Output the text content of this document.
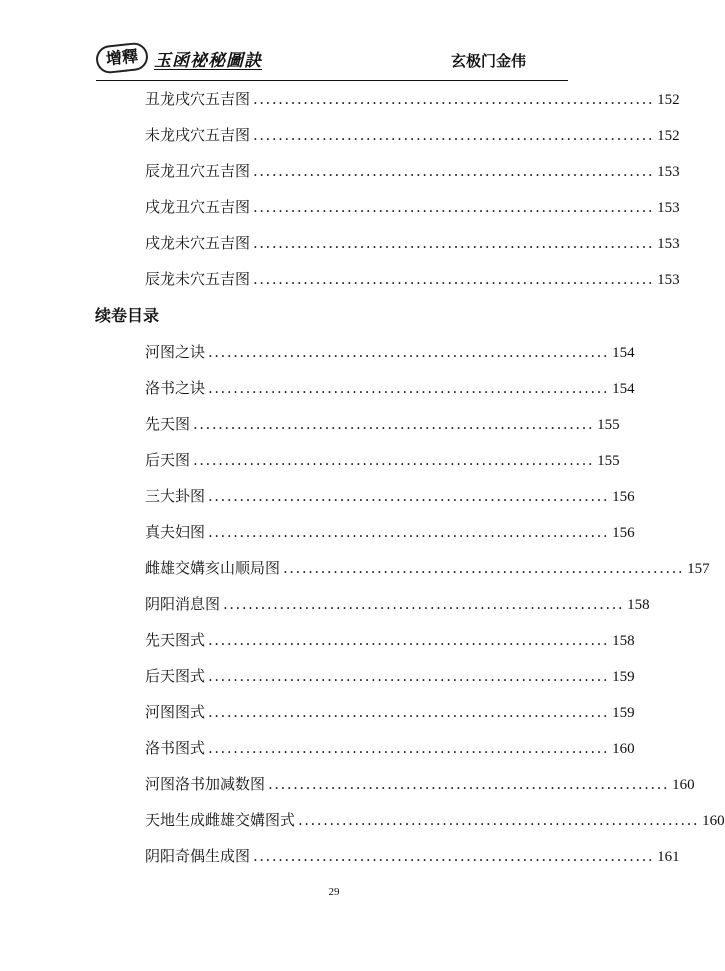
增釋 玉函祕秘圖訣	玄极门金伟
丑龙戌穴五吉图 ................................................................ 152
未龙戌穴五吉图 ................................................................ 152
辰龙丑穴五吉图 ................................................................ 153
戌龙丑穴五吉图 ................................................................ 153
戌龙未穴五吉图 ................................................................ 153
辰龙未穴五吉图 ................................................................ 153
续卷目录
河图之诀 ................................................................ 154
洛书之诀 ................................................................ 154
先天图 ................................................................ 155
后天图 ................................................................ 155
三大卦图 ................................................................ 156
真夫妇图 ................................................................ 156
雌雄交媾亥山顺局图 ................................................................ 157
阴阳消息图 ................................................................ 158
先天图式 ................................................................ 158
后天图式 ................................................................ 159
河图图式 ................................................................ 159
洛书图式 ................................................................ 160
河图洛书加减数图 ................................................................ 160
天地生成雌雄交媾图式 ................................................................ 160
阴阳奇偶生成图 ................................................................ 161
29
